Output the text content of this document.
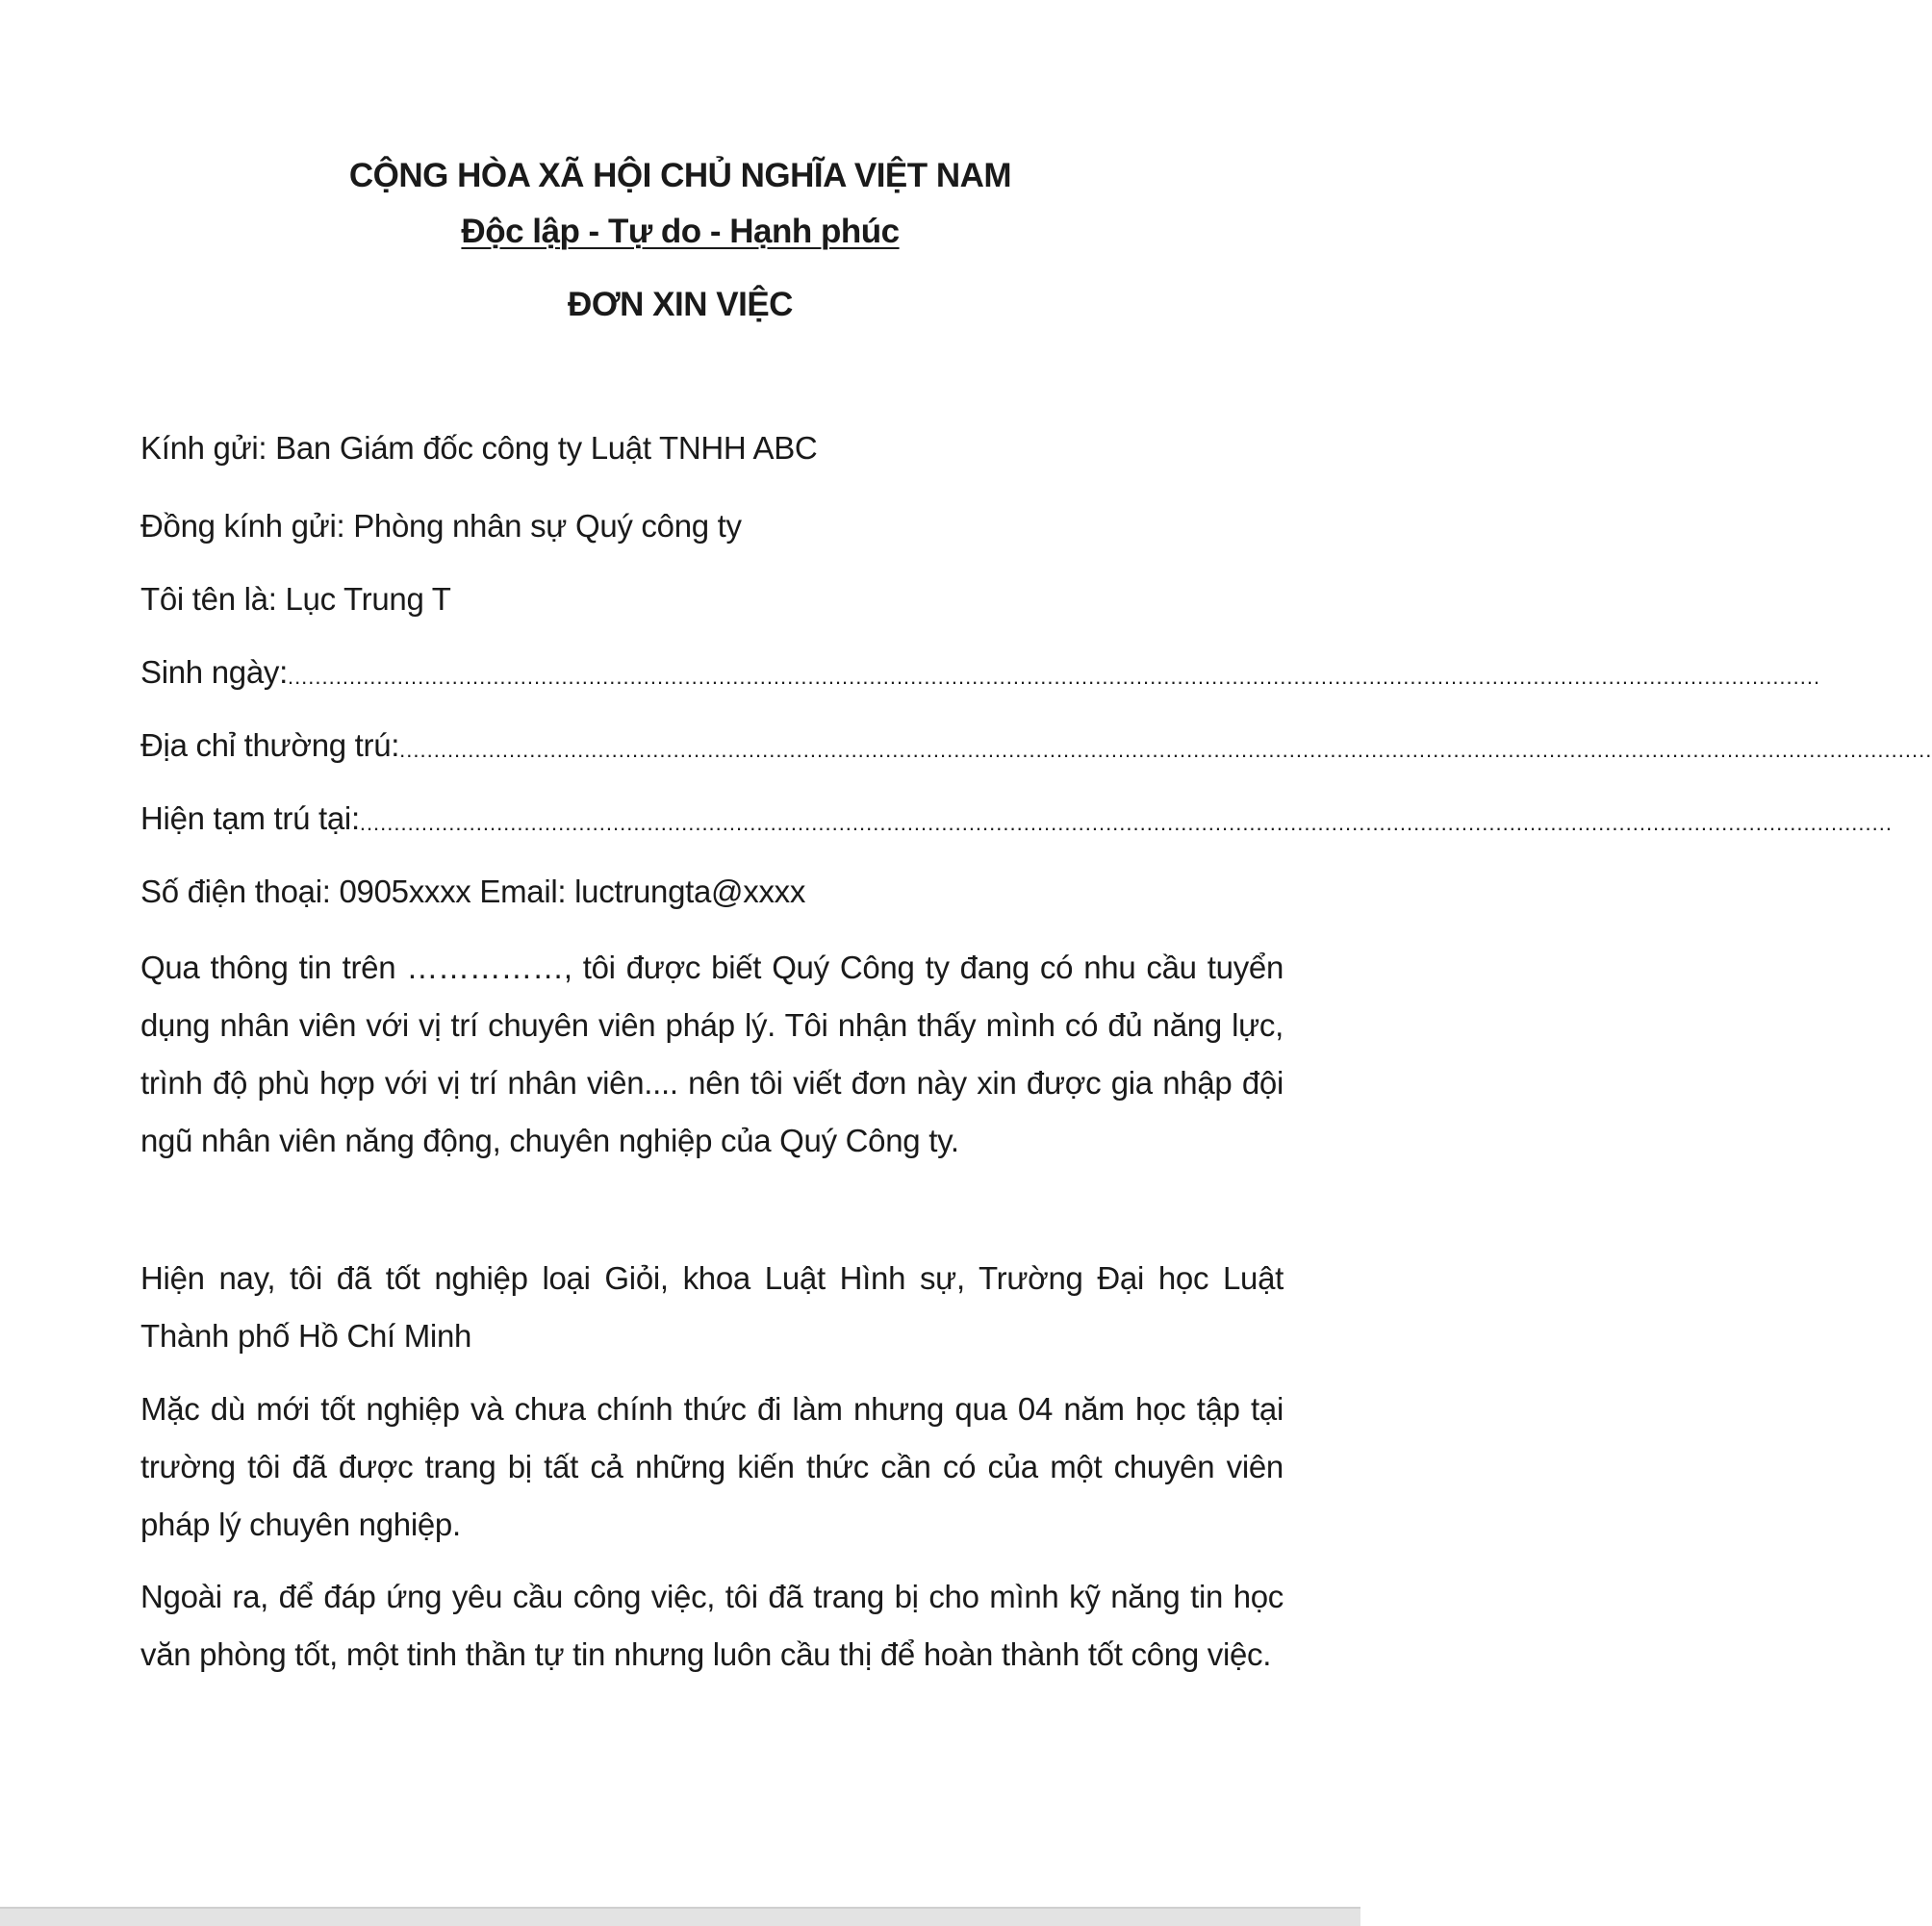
CỘNG HÒA XÃ HỘI CHỦ NGHĨA VIỆT NAM
Độc lập - Tự do - Hạnh phúc
ĐƠN XIN VIỆC
Kính gửi: Ban Giám đốc công ty Luật TNHH ABC
Đồng kính gửi: Phòng nhân sự Quý công ty
Tôi tên là: Lục Trung T
Sinh ngày: ................................................................................................................................................................................................................................
Địa chỉ thường trú: ................................................................................................................................................................................................................................
Hiện tạm trú tại: ................................................................................................................................................................................................................................
Số điện thoại: 0905xxxx Email: luctrungta@xxxx
Qua thông tin trên ……………, tôi được biết Quý Công ty đang có nhu cầu tuyển dụng nhân viên với vị trí chuyên viên pháp lý. Tôi nhận thấy mình có đủ năng lực, trình độ phù hợp với vị trí nhân viên.... nên tôi viết đơn này xin được gia nhập đội ngũ nhân viên năng động, chuyên nghiệp của Quý Công ty.
Hiện nay, tôi đã tốt nghiệp loại Giỏi, khoa Luật Hình sự, Trường Đại học Luật Thành phố Hồ Chí Minh
Mặc dù mới tốt nghiệp và chưa chính thức đi làm nhưng qua 04 năm học tập tại trường tôi đã được trang bị tất cả những kiến thức cần có của một chuyên viên pháp lý chuyên nghiệp.
Ngoài ra, để đáp ứng yêu cầu công việc, tôi đã trang bị cho mình kỹ năng tin học văn phòng tốt, một tinh thần tự tin nhưng luôn cầu thị để hoàn thành tốt công việc.
